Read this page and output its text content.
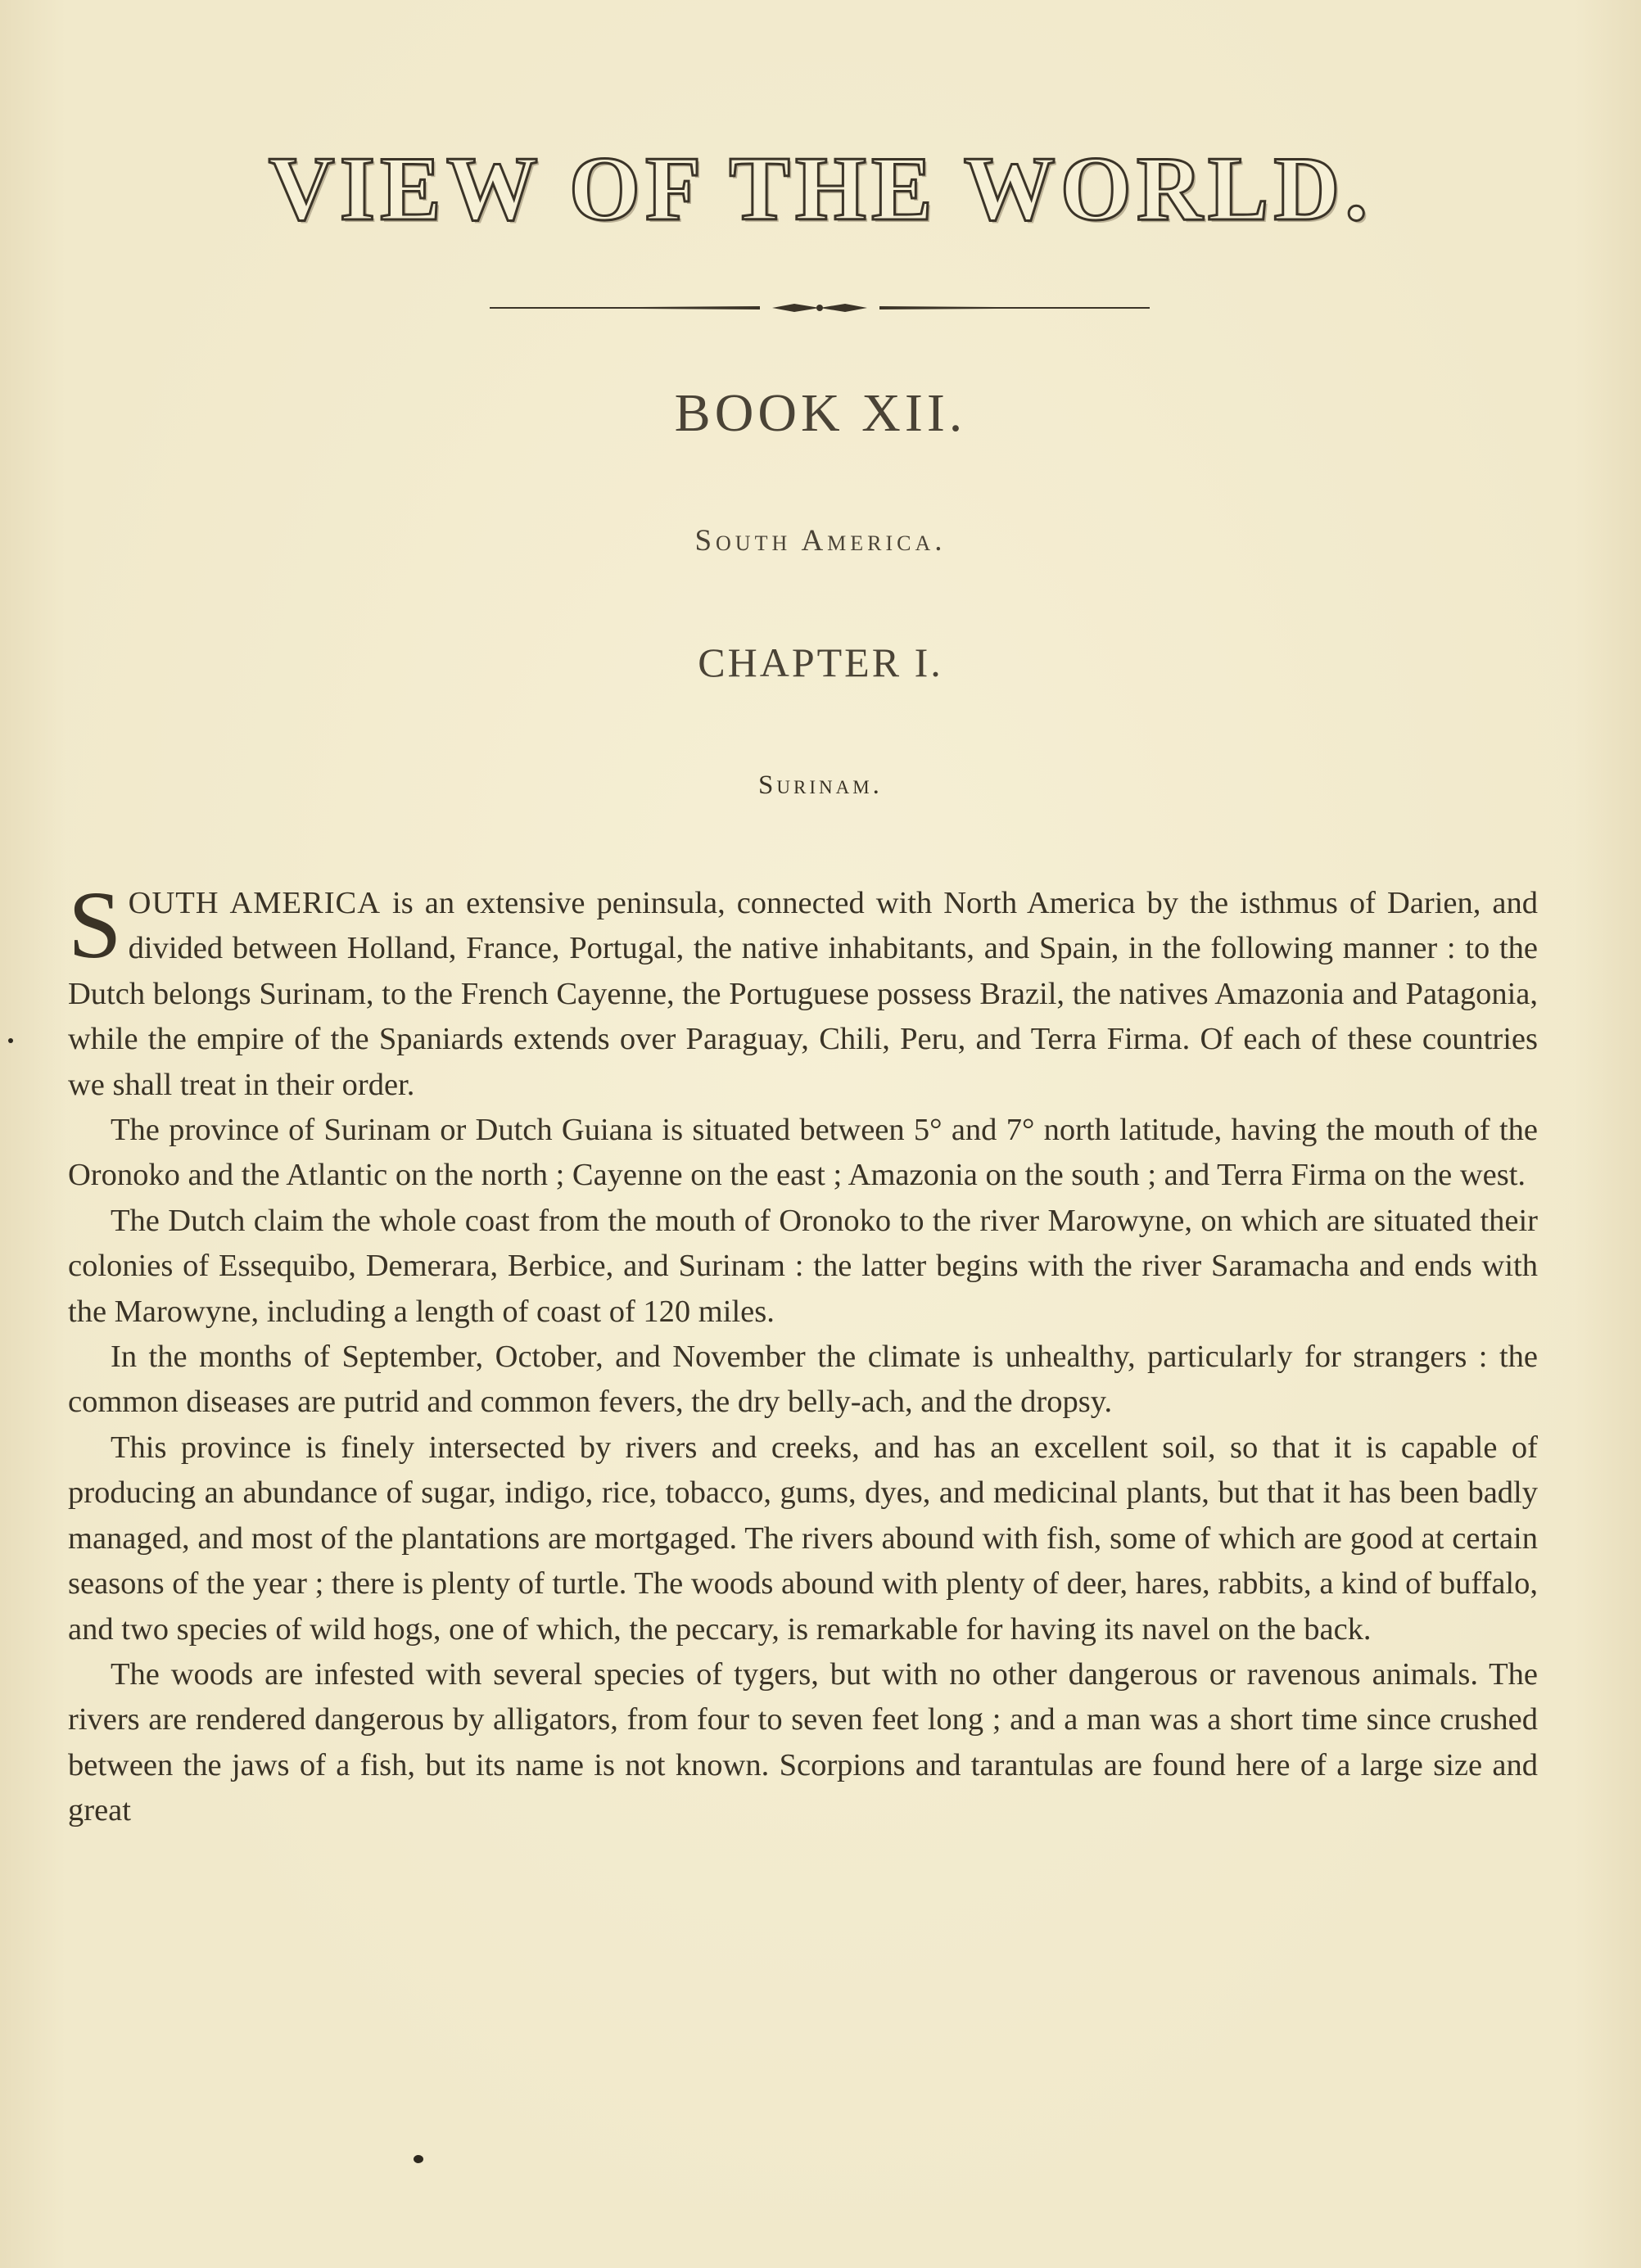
VIEW OF THE WORLD.
BOOK XII.
South America.
CHAPTER I.
Surinam.

SOUTH AMERICA is an extensive peninsula, connected with North America by the isthmus of Darien, and divided between Holland, France, Portugal, the native inhabitants, and Spain, in the following manner : to the Dutch belongs Surinam, to the French Cayenne, the Portuguese possess Brazil, the natives Amazonia and Patagonia, while the empire of the Spaniards extends over Paraguay, Chili, Peru, and Terra Firma. Of each of these countries we shall treat in their order.

The province of Surinam or Dutch Guiana is situated between 5° and 7° north latitude, having the mouth of the Oronoko and the Atlantic on the north ; Cayenne on the east ; Amazonia on the south ; and Terra Firma on the west.

The Dutch claim the whole coast from the mouth of Oronoko to the river Marowyne, on which are situated their colonies of Essequibo, Demerara, Berbice, and Surinam : the latter begins with the river Saramacha and ends with the Marowyne, including a length of coast of 120 miles.

In the months of September, October, and November the climate is unhealthy, particularly for strangers : the common diseases are putrid and common fevers, the dry belly-ach, and the dropsy.

This province is finely intersected by rivers and creeks, and has an excellent soil, so that it is capable of producing an abundance of sugar, indigo, rice, tobacco, gums, dyes, and medicinal plants, but that it has been badly managed, and most of the plantations are mortgaged. The rivers abound with fish, some of which are good at certain seasons of the year ; there is plenty of turtle. The woods abound with plenty of deer, hares, rabbits, a kind of buffalo, and two species of wild hogs, one of which, the peccary, is remarkable for having its navel on the back.

The woods are infested with several species of tygers, but with no other dangerous or ravenous animals. The rivers are rendered dangerous by alligators, from four to seven feet long ; and a man was a short time since crushed between the jaws of a fish, but its name is not known. Scorpions and tarantulas are found here of a large size and great
